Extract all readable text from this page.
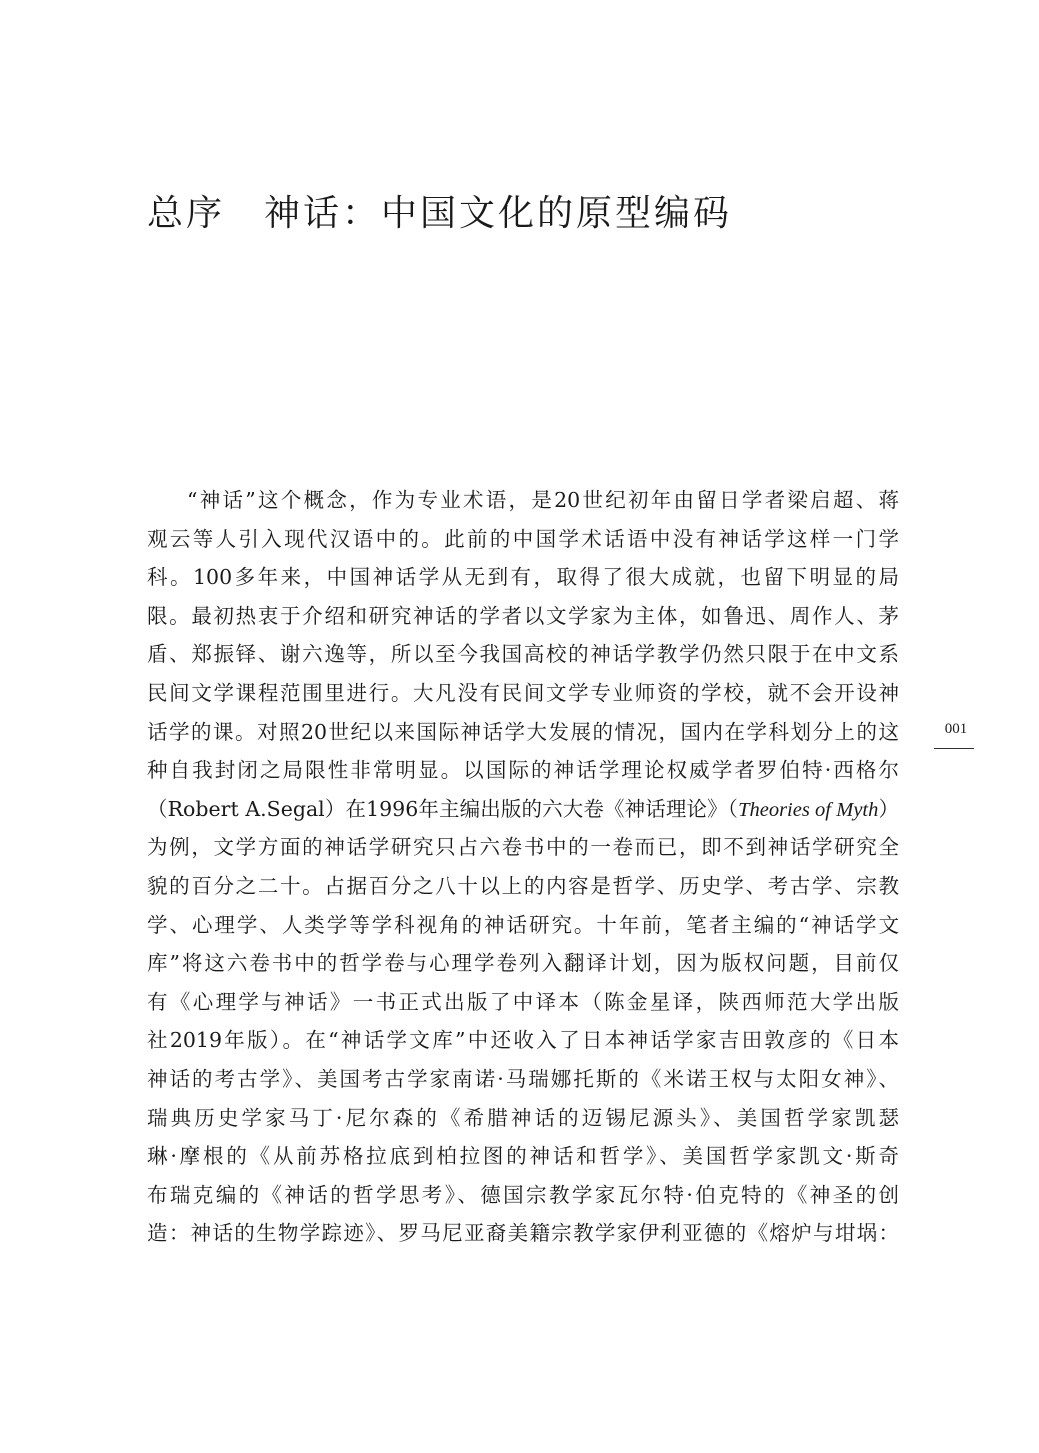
总序　神话：中国文化的原型编码
“神话”这个概念，作为专业术语，是20世纪初年由留日学者梁启超、蒋
观云等人引入现代汉语中的。此前的中国学术话语中没有神话学这样一门学
科。100多年来，中国神话学从无到有，取得了很大成就，也留下明显的局
限。最初热衷于介绍和研究神话的学者以文学家为主体，如鲁迅、周作人、茅
盾、郑振铎、谢六逸等，所以至今我国高校的神话学教学仍然只限于在中文系
民间文学课程范围里进行。大凡没有民间文学专业师资的学校，就不会开设神
话学的课。对照20世纪以来国际神话学大发展的情况，国内在学科划分上的这
种自我封闭之局限性非常明显。以国际的神话学理论权威学者罗伯特·西格尔
（Robert A.Segal）在1996年主编出版的六大卷《神话理论》（Theories of Myth）
为例，文学方面的神话学研究只占六卷书中的一卷而已，即不到神话学研究全
貌的百分之二十。占据百分之八十以上的内容是哲学、历史学、考古学、宗教
学、心理学、人类学等学科视角的神话研究。十年前，笔者主编的“神话学文
库”将这六卷书中的哲学卷与心理学卷列入翻译计划，因为版权问题，目前仅
有《心理学与神话》一书正式出版了中译本（陈金星译，陕西师范大学出版
社2019年版）。在“神话学文库”中还收入了日本神话学家吉田敦彦的《日本
神话的考古学》、美国考古学家南诺·马瑞娜托斯的《米诺王权与太阳女神》、
瑞典历史学家马丁·尼尔森的《希腊神话的迈锡尼源头》、美国哲学家凯瑟
琳·摩根的《从前苏格拉底到柏拉图的神话和哲学》、美国哲学家凯文·斯奇
布瑞克编的《神话的哲学思考》、德国宗教学家瓦尔特·伯克特的《神圣的创
造：神话的生物学踪迹》、罗马尼亚裔美籍宗教学家伊利亚德的《熔炉与坩埚：
001
